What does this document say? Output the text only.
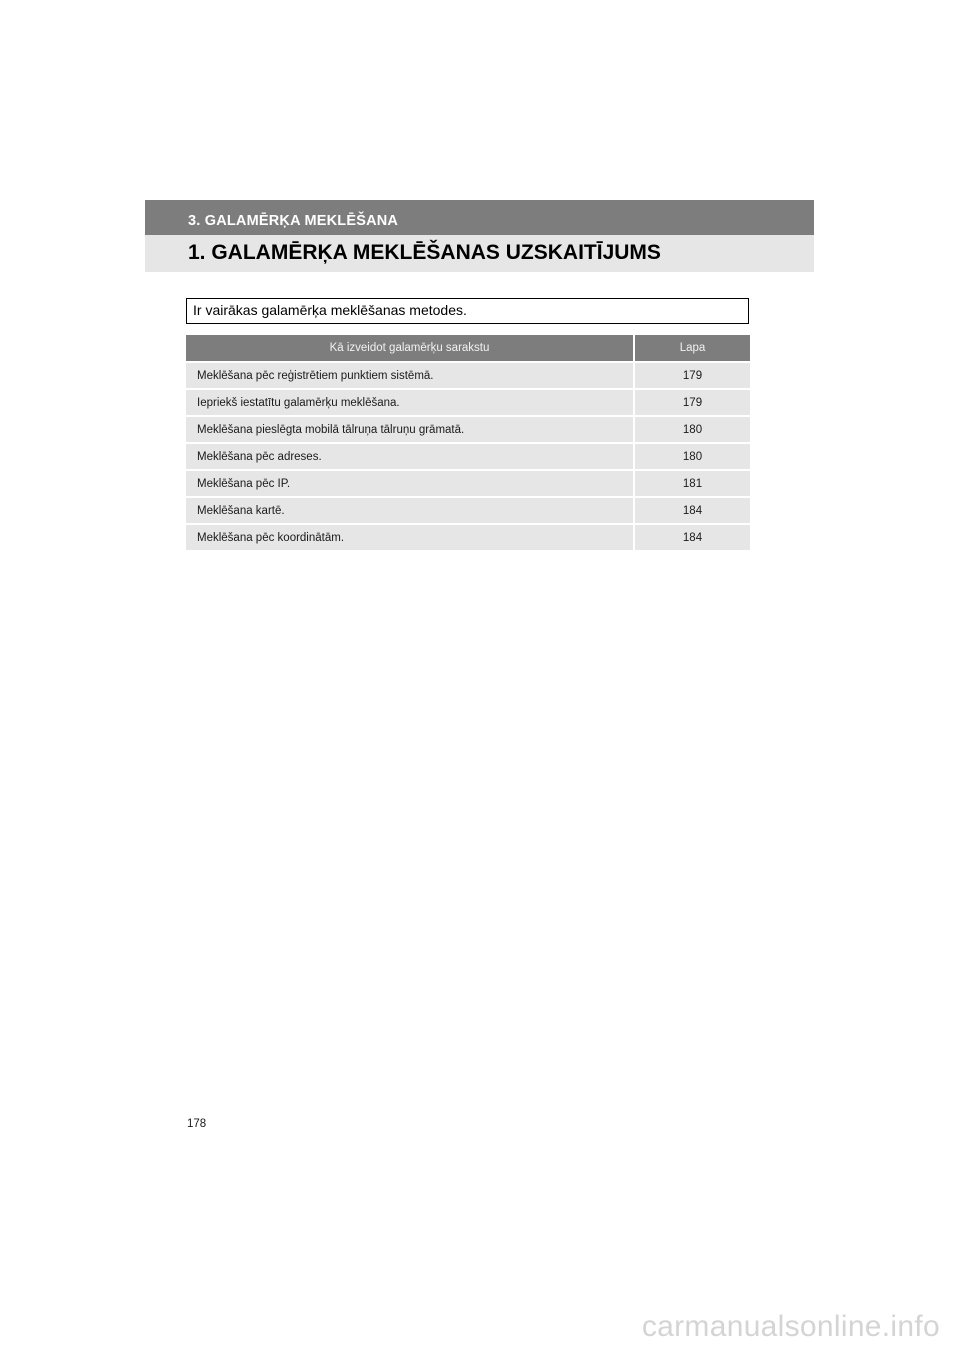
3. GALAMĒRĶA MEKLĒŠANA
1. GALAMĒRĶA MEKLĒŠANAS UZSKAITĪJUMS
Ir vairākas galamērķa meklēšanas metodes.
Kā izveidot galamērķu sarakstu	Lapa
Meklēšana pēc reģistrētiem punktiem sistēmā.	179
Iepriekš iestatītu galamērķu meklēšana.	179
Meklēšana pieslēgta mobilā tālruņa tālruņu grāmatā.	180
Meklēšana pēc adreses.	180
Meklēšana pēc IP.	181
Meklēšana kartē.	184
Meklēšana pēc koordinātām.	184
178
carmanualsonline.info
